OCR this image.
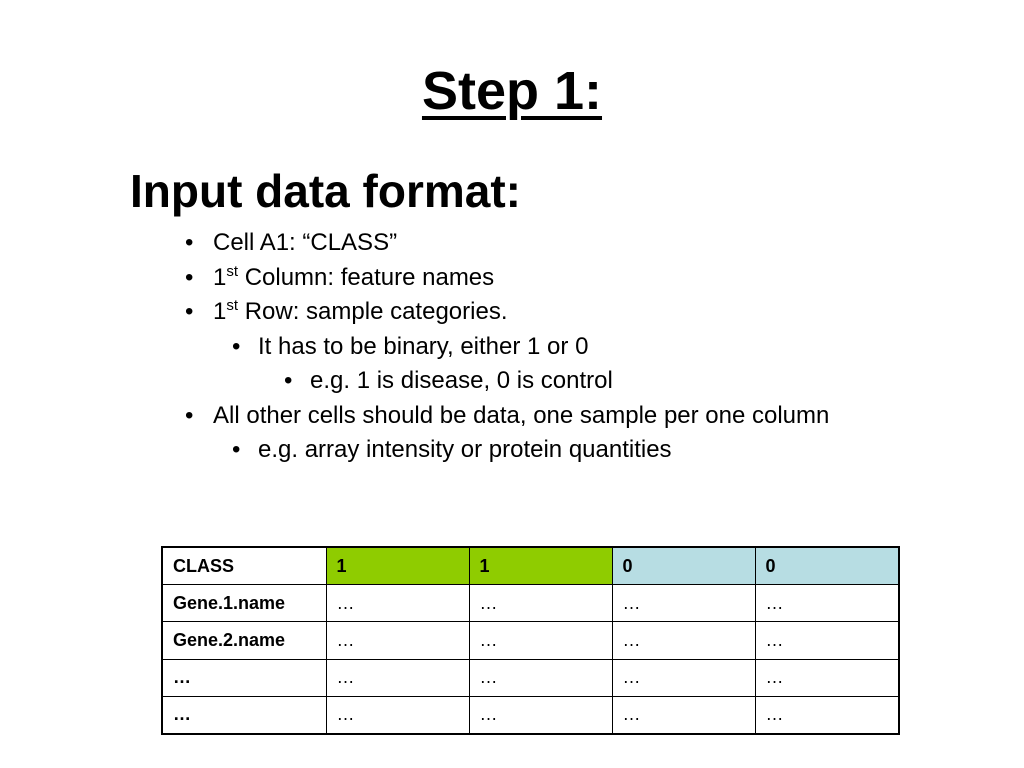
Step 1:
Input data format:
• Cell A1: “CLASS”
• 1st Column: feature names
• 1st Row: sample categories.
• It has to be binary, either 1 or 0
• e.g. 1 is disease, 0 is control
• All other cells should be data, one sample per one column
• e.g. array intensity or protein quantities
CLASS	1	1	0	0
Gene.1.name	…	…	…	…
Gene.2.name	…	…	…	…
…	…	…	…	…
…	…	…	…	…
